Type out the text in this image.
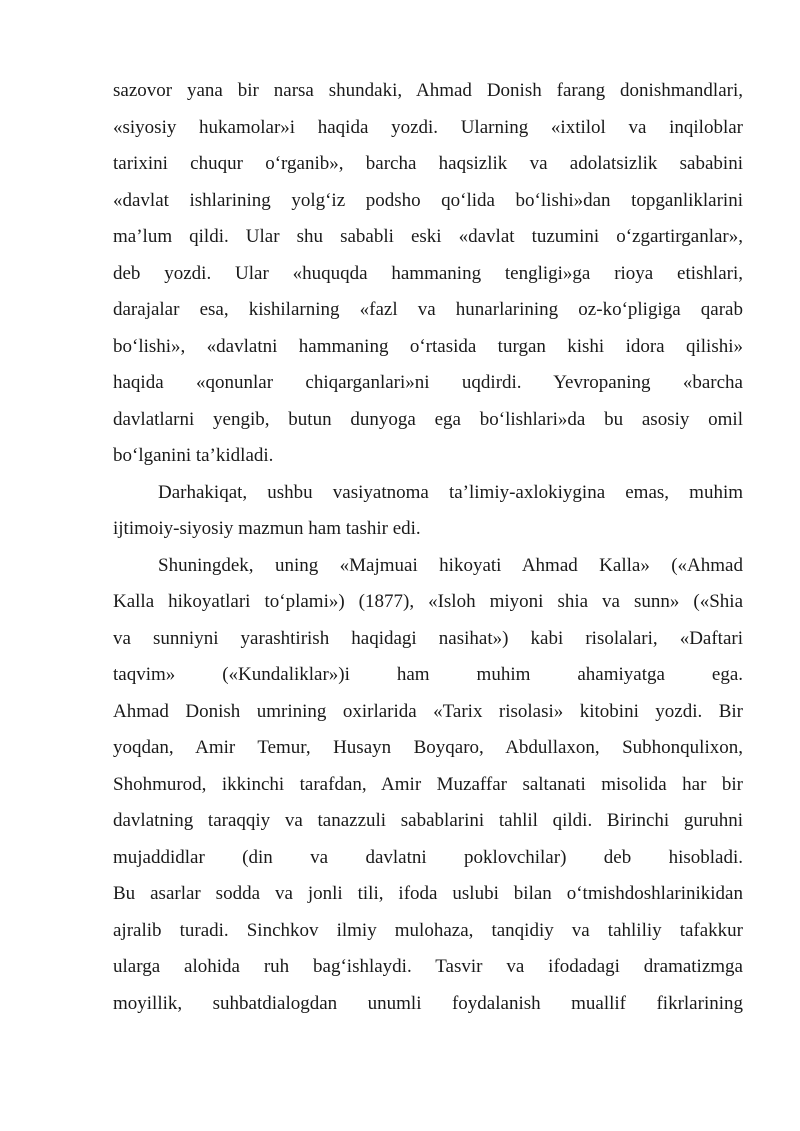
sazovor yana bir narsa shundaki, Ahmad Donish farang donishmandlari,
«siyosiy hukamolar»i haqida yozdi. Ularning «ixtilol va inqiloblar
tarixini chuqur oʻrganib», barcha haqsizlik va adolatsizlik sababini
«davlat ishlarining yolgʻiz podsho qoʻlida boʻlishi»dan topganliklarini
maʼlum qildi. Ular shu sababli eski «davlat tuzumini oʻzgartirganlar»,
deb yozdi. Ular «huquqda hammaning tengligi»ga rioya etishlari,
darajalar esa, kishilarning «fazl va hunarlarining oz-koʻpligiga qarab
boʻlishi», «davlatni hammaning oʻrtasida turgan kishi idora qilishi»
haqida «qonunlar chiqarganlari»ni uqdirdi. Yevropaning «barcha
davlatlarni yengib, butun dunyoga ega boʻlishlari»da bu asosiy omil
boʻlganini taʼkidladi.
Darhakiqat, ushbu vasiyatnoma taʼlimiy-axlokiygina emas, muhim
ijtimoiy-siyosiy mazmun ham tashir edi.
Shuningdek, uning «Majmuai hikoyati Ahmad Kalla» («Ahmad
Kalla hikoyatlari toʻplami») (1877), «Isloh miyoni shia va sunn» («Shia
va sunniyni yarashtirish haqidagi nasihat») kabi risolalari, «Daftari
taqvim» («Kundaliklar»)i ham muhim ahamiyatga ega.
Ahmad Donish umrining oxirlarida «Tarix risolasi» kitobini yozdi. Bir
yoqdan, Amir Temur, Husayn Boyqaro, Abdullaxon, Subhonqulixon,
Shohmurod, ikkinchi tarafdan, Amir Muzaffar saltanati misolida har bir
davlatning taraqqiy va tanazzuli sabablarini tahlil qildi. Birinchi guruhni
mujaddidlar (din va davlatni poklovchilar) deb hisobladi.
Bu asarlar sodda va jonli tili, ifoda uslubi bilan oʻtmishdoshlarinikidan
ajralib turadi. Sinchkov ilmiy mulohaza, tanqidiy va tahliliy tafakkur
ularga alohida ruh bagʻishlaydi. Tasvir va ifodadagi dramatizmga
moyillik, suhbatdialogdan unumli foydalanish muallif fikrlarining
